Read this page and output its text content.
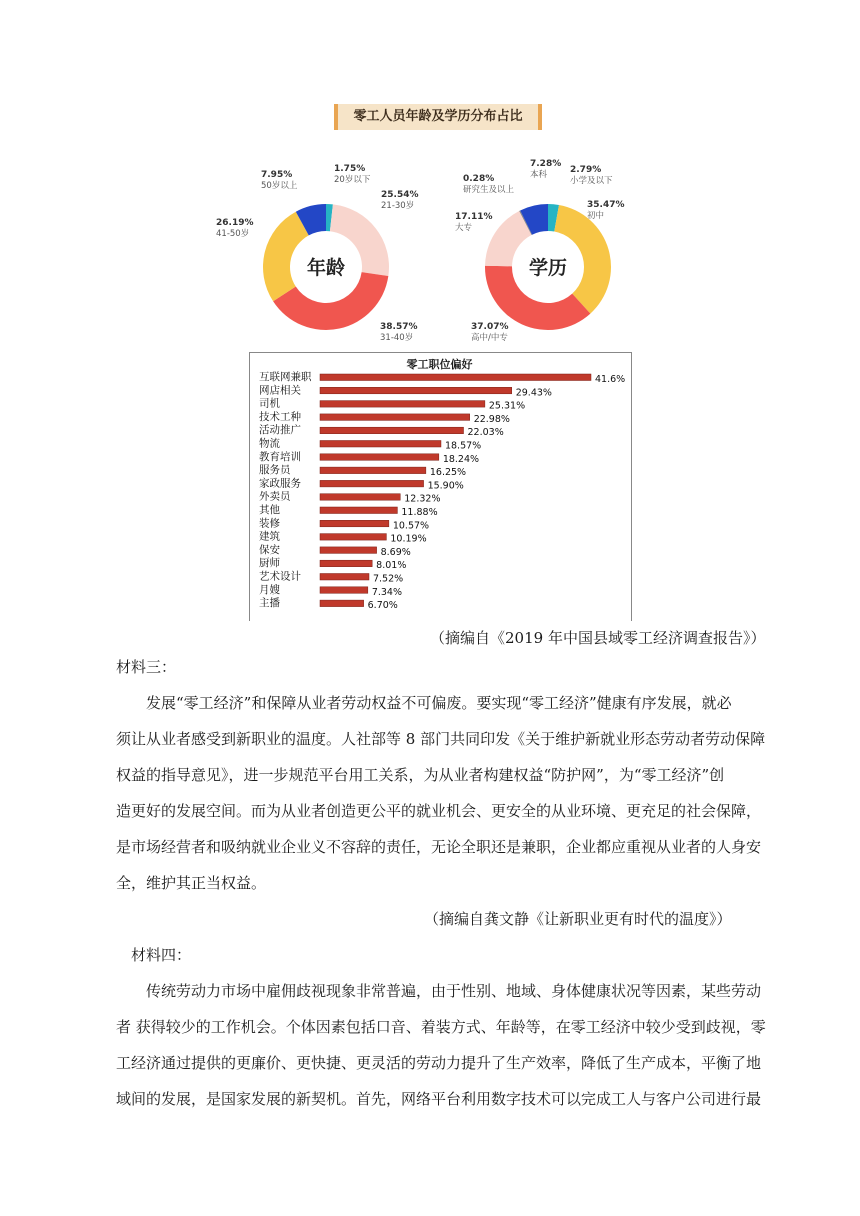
零工人员年龄及学历分布占比
年龄	学历
1.75%
20岁以下
25.54%
21-30岁
38.57%
31-40岁
26.19%
41-50岁
7.95%
50岁以上
2.79%
小学及以下
35.47%
初中
37.07%
高中/中专
17.11%
大专
0.28%
研究生及以上
7.28%
本科
零工职位偏好
互联网兼职	41.6%
网店相关	29.43%
司机	25.31%
技术工种	22.98%
活动推广	22.03%
物流	18.57%
教育培训	18.24%
服务员	16.25%
家政服务	15.90%
外卖员	12.32%
其他	11.88%
装修	10.57%
建筑	10.19%
保安	8.69%
厨师	8.01%
艺术设计	7.52%
月嫂	7.34%
主播	6.70%
（摘编自《2019 年中国县域零工经济调查报告》）
材料三：
发展“零工经济”和保障从业者劳动权益不可偏废。要实现“零工经济”健康有序发展，就必
须让从业者感受到新职业的温度。人社部等 8 部门共同印发《关于维护新就业形态劳动者劳动保障
权益的指导意见》，进一步规范平台用工关系，为从业者构建权益“防护网”，为“零工经济”创
造更好的发展空间。而为从业者创造更公平的就业机会、更安全的从业环境、更充足的社会保障，
是市场经营者和吸纳就业企业义不容辞的责任，无论全职还是兼职，企业都应重视从业者的人身安
全，维护其正当权益。
（摘编自龚文静《让新职业更有时代的温度》）
材料四：
传统劳动力市场中雇佣歧视现象非常普遍，由于性别、地域、身体健康状况等因素，某些劳动
者 获得较少的工作机会。个体因素包括口音、着装方式、年龄等，在零工经济中较少受到歧视，零
工经济通过提供的更廉价、更快捷、更灵活的劳动力提升了生产效率，降低了生产成本，平衡了地
域间的发展，是国家发展的新契机。首先，网络平台利用数字技术可以完成工人与客户公司进行最
